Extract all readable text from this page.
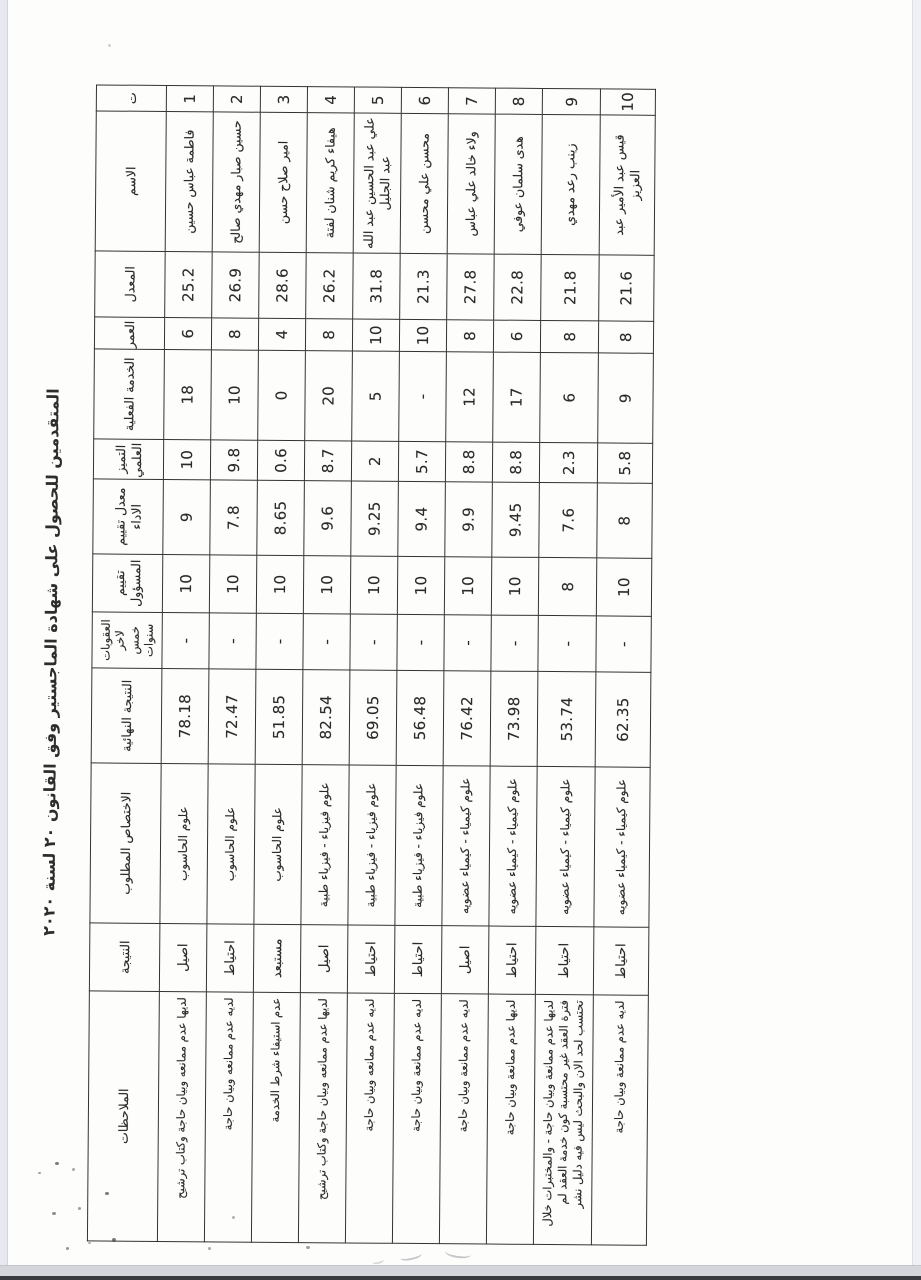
المتقدمين للحصول على شهادة الماجستير وفق القانون ٢٠ لسنة ٢٠٢٠
ت	الاسم	المعدل	العمر	الخدمة الفعلية	التميز العلمي	معدل تقييم الاداء	تقييم المسؤول	العقوبات لاخر خمس سنوات	النتيجة النهائية	الاختصاص المطلوب	النتيجة	الملاحظات
1	فاطمة عباس حسين	25.2	6	18	10	9	10	-	78.18	علوم الحاسوب	اصيل	لديها عدم ممانعه وبيان حاجة وكتاب ترشيح
2	حسين صبار مهدي صالح	26.9	8	10	9.8	7.8	10	-	72.47	علوم الحاسوب	احتياط	لديه عدم ممانعه وبيان حاجة
3	امير صلاح حسن	28.6	4	0	0.6	8.65	10	-	51.85	علوم الحاسوب	مستبعد	عدم استيفاء شرط الخدمة
4	هيفاء كريم شنان لفتة	26.2	8	20	8.7	9.6	10	-	82.54	علوم فيزياء - فيزياء طبية	اصيل	لديها عدم ممانعه وبيان حاجة وكتاب ترشيح
5	علي عبد الحسين عبد الله عبد الجليل	31.8	10	5	2	9.25	10	-	69.05	علوم فيزياء - فيزياء طبية	احتياط	لديه عدم ممانعه وبيان حاجة
6	محسن علي محسن	21.3	10	-	5.7	9.4	10	-	56.48	علوم فيزياء - فيزياء طبية	احتياط	لديه عدم ممانعة وبيان حاجة
7	ولاء خالد علي عباس	27.8	8	12	8.8	9.9	10	-	76.42	علوم كيمياء - كيمياء عضويه	اصيل	لديه عدم ممانعة وبيان حاجة
8	هدى سلمان عوفي	22.8	6	17	8.8	9.45	10	-	73.98	علوم كيمياء - كيمياء عضويه	احتياط	لديها عدم ممانعة وبيان حاجة
9	زينب رعد مهدي	21.8	8	6	2.3	7.6	8	-	53.74	علوم كيمياء - كيمياء عضويه	احتياط	لديها عدم ممانعة وبيان حاجة - والمختبرات خلال فترة العقد غير محتسبة كون خدمة العقد لم تحتسب لحد الان والبحث ليس فيه دليل نشر
10	قيس عبد الأمير عبد العزيز	21.6	8	9	5.8	8	10	-	62.35	علوم كيمياء - كيمياء عضويه	احتياط	لديه عدم ممانعة وبيان حاجة
